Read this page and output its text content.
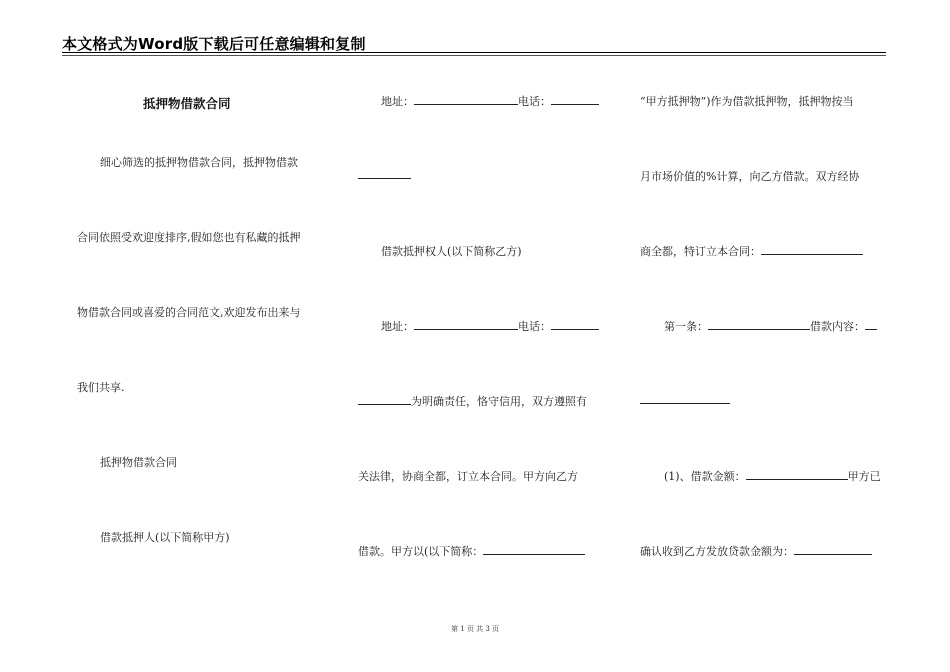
本文格式为Word版下载后可任意编辑和复制
抵押物借款合同
细心筛选的抵押物借款合同，抵押物借款
合同依照受欢迎度排序,假如您也有私藏的抵押
物借款合同或喜爱的合同范文,欢迎发布出来与
我们共享.
抵押物借款合同
借款抵押人(以下简称甲方)
地址：	电话：
借款抵押权人(以下简称乙方)
地址：	电话：
为明确责任，恪守信用，双方遵照有
关法律，协商全都，订立本合同。甲方向乙方
借款。甲方以(以下简称：
“甲方抵押物”)作为借款抵押物，抵押物按当
月市场价值的%计算，向乙方借款。双方经协
商全都，特订立本合同：
第一条：	借款内容：
(1)、借款金额：	甲方已
确认收到乙方发放贷款金额为：
第 1 页 共 3 页
